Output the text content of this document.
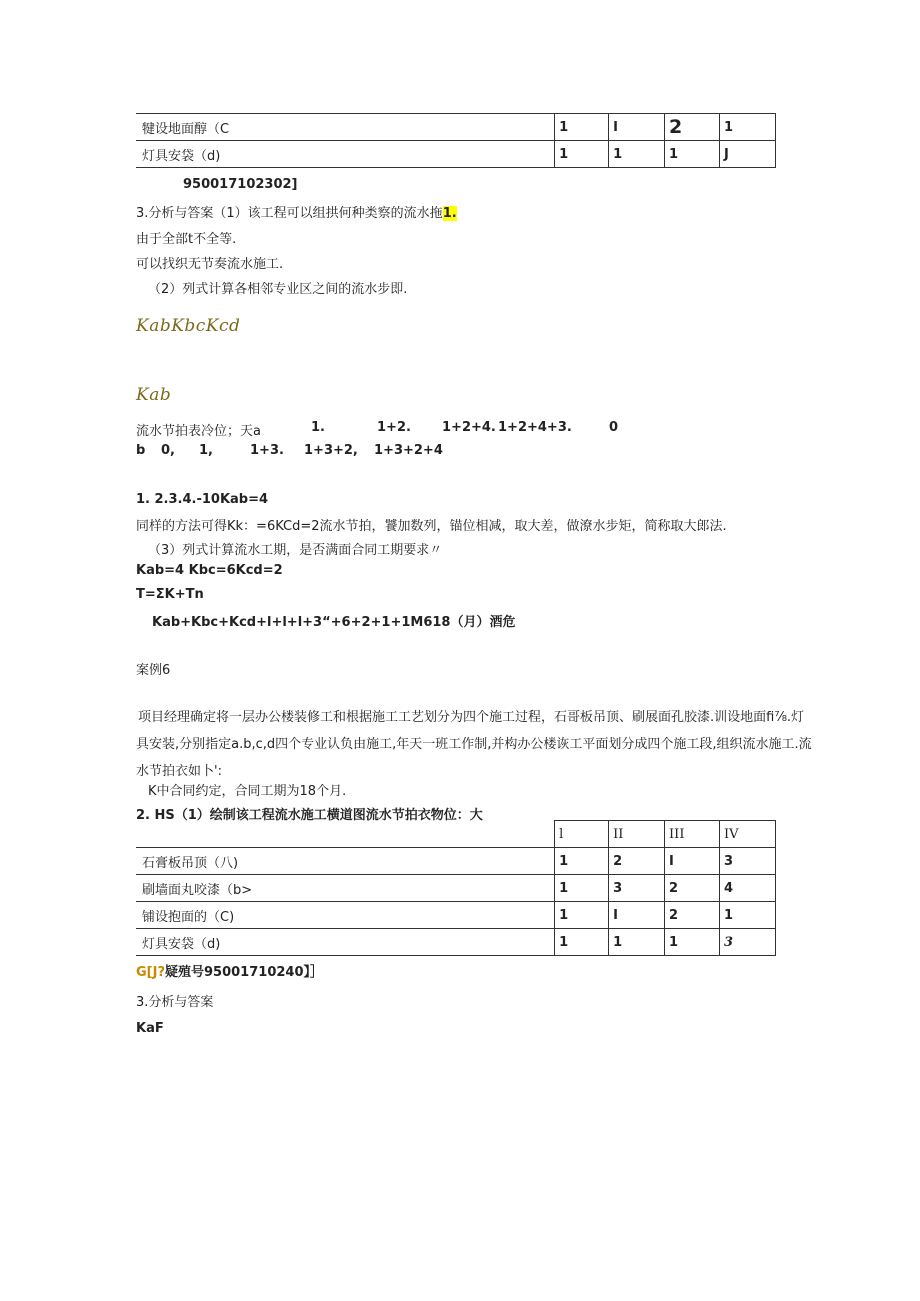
犍设地面醇（C	1	I	2	1
灯具安袋（d)	1	1	1	J
950017102302]
3.分析与答案（1）该工程可以组拱何种类察的流水拖1.
由于全部t不全等.
可以找织无节奏流水施工.
（2）列式计算各相邻专业区之间的流水步即.
KabKbcKcd
Kab
流水节拍表冷位；天a	1.	1+2. 1+2+4. 1+2+4+3.	0
b 0, 1,	1+3. 1+3+2, 1+3+2+4
1. 2.3.4.-10Kab=4
同样的方法可得Kk：=6KCd=2流水节拍，饕加数列，锚位相减，取大差，做潦水步矩，简称取大郎法.
（3）列式计算流水工期，是否满面合同工期要求〃
Kab=4 Kbc=6Kcd=2
T=ΣK+Tn
Kab+Kbc+Kcd+l+l+l+3“+6+2+1+1M618（月）酒危
案例6
项目经理确定将一层办公楼装修工和根据施工工艺划分为四个施工过程，石哥板吊顶、刷展面孔胶漆.训设地面fi⅞.灯具安装,分别指定a.b,c,d四个专业认负由施工,年天一班工作制,并构办公楼诙工平面划分成四个施工段,组织流水施工.流水节拍衣如卜':
K中合同约定，合同工期为18个月.
2. HS（1）绘制该工程流水施工横道图流水节拍衣物位：大
	l	II	III	IV
石膏板吊顶（八)	1	2	I	3
刷墙面丸咬漆（b>	1	3	2	4
铺设抱面的（C)	1	I	2	1
灯具安袋（d)	1	1	1	3
G[J?疑殖号95001710240】］
3.分析与答案
KaF
